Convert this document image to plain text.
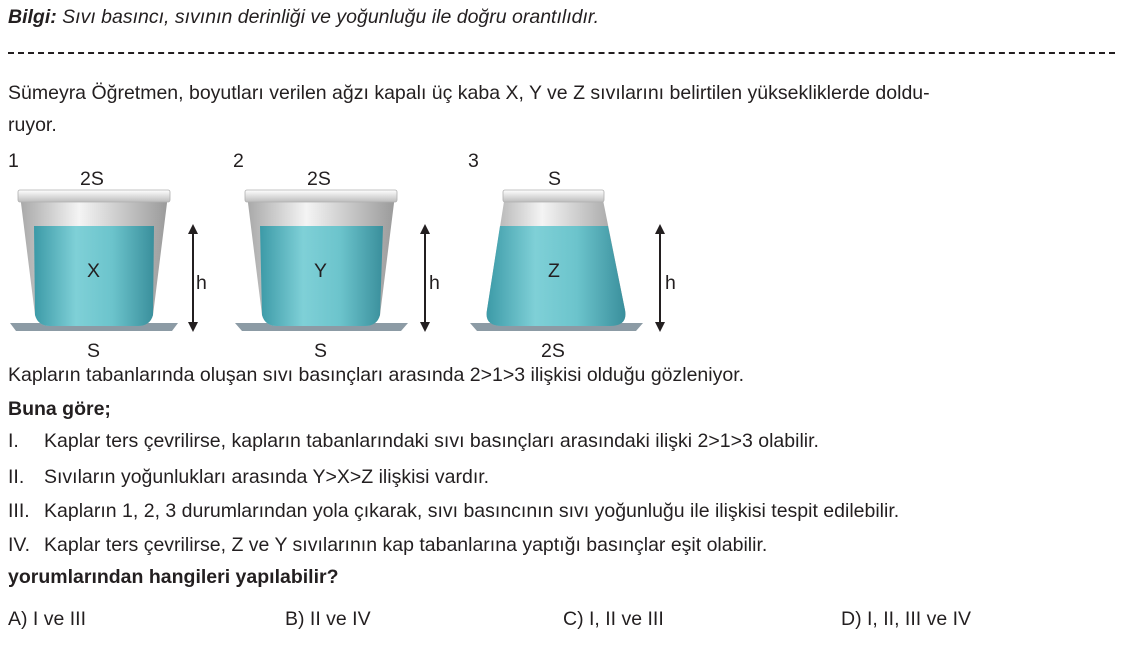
Bilgi: Sıvı basıncı, sıvının derinliği ve yoğunluğu ile doğru orantılıdır.
Sümeyra Öğretmen, boyutları verilen ağzı kapalı üç kaba X, Y ve Z sıvılarını belirtilen yüksekliklerde doldu-
ruyor.
1
2S
X
h
S
2
2S
Y
h
S
3
S
Z
h
2S
Kapların tabanlarında oluşan sıvı basınçları arasında 2>1>3 ilişkisi olduğu gözleniyor.
Buna göre;
I. Kaplar ters çevrilirse, kapların tabanlarındaki sıvı basınçları arasındaki ilişki 2>1>3 olabilir.
II. Sıvıların yoğunlukları arasında Y>X>Z ilişkisi vardır.
III. Kapların 1, 2, 3 durumlarından yola çıkarak, sıvı basıncının sıvı yoğunluğu ile ilişkisi tespit edilebilir.
IV. Kaplar ters çevrilirse, Z ve Y sıvılarının kap tabanlarına yaptığı basınçlar eşit olabilir.
yorumlarından hangileri yapılabilir?
A) I ve III	B) II ve IV	C) I, II ve III	D) I, II, III ve IV
